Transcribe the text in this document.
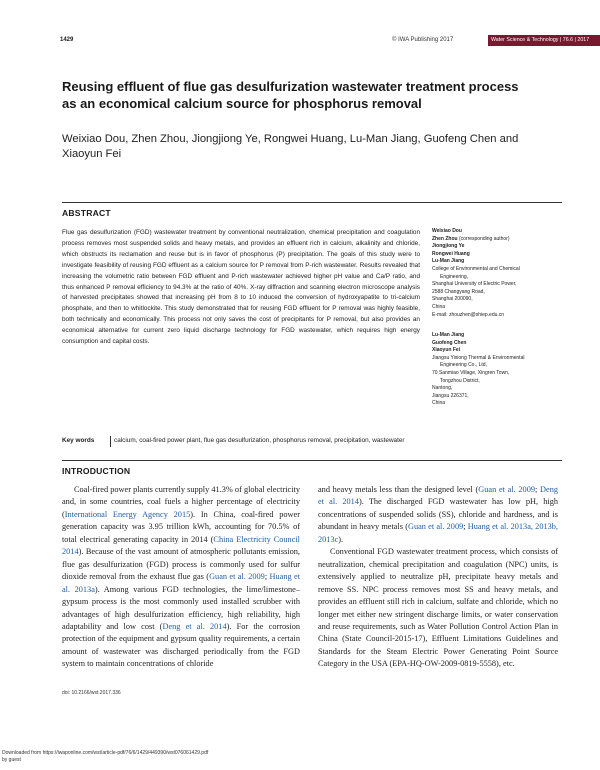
1429	© IWA Publishing 2017	Water Science & Technology | 76.6 | 2017
Reusing effluent of flue gas desulfurization wastewater treatment process as an economical calcium source for phosphorus removal
Weixiao Dou, Zhen Zhou, Jiongjiong Ye, Rongwei Huang, Lu-Man Jiang, Guofeng Chen and Xiaoyun Fei
ABSTRACT
Flue gas desulfurization (FGD) wastewater treatment by conventional neutralization, chemical precipitation and coagulation process removes most suspended solids and heavy metals, and provides an effluent rich in calcium, alkalinity and chloride, which obstructs its reclamation and reuse but is in favor of phosphorus (P) precipitation. The goals of this study were to investigate feasibility of reusing FGD effluent as a calcium source for P removal from P-rich wastewater. Results revealed that increasing the volumetric ratio between FGD effluent and P-rich wastewater achieved higher pH value and Ca/P ratio, and thus enhanced P removal efficiency to 94.3% at the ratio of 40%. X-ray diffraction and scanning electron microscope analysis of harvested precipitates showed that increasing pH from 8 to 10 induced the conversion of hydroxyapatite to tri-calcium phosphate, and then to whitlockite. This study demonstrated that for reusing FGD effluent for P removal was highly feasible, both technically and economically. This process not only saves the cost of precipitants for P removal, but also provides an economical alternative for current zero liquid discharge technology for FGD wastewater, which requires high energy consumption and capital costs.
Key words	calcium, coal-fired power plant, flue gas desulfurization, phosphorus removal, precipitation, wastewater
Weixiao Dou
Zhen Zhou (corresponding author)
Jiongjiong Ye
Rongwei Huang
Lu-Man Jiang
College of Environmental and Chemical
Engineering,
Shanghai University of Electric Power,
2588 Changyang Road,
Shanghai 200090,
China
E-mail: zhouzhen@shiep.edu.cn
Lu-Man Jiang
Guofeng Chen
Xiaoyun Fei
Jiangsu Yixiong Thermal & Environmental
Engineering Co., Ltd,
70 Sanmiao Village, Xingren Town,
Tongzhou District,
Nantong,
Jiangsu 226371,
China
INTRODUCTION
Coal-fired power plants currently supply 41.3% of global electricity and, in some countries, coal fuels a higher percentage of electricity (International Energy Agency 2015). In China, coal-fired power generation capacity was 3.95 trillion kWh, accounting for 70.5% of total electrical generating capacity in 2014 (China Electricity Council 2014). Because of the vast amount of atmospheric pollutants emission, flue gas desulfurization (FGD) process is commonly used for sulfur dioxide removal from the exhaust flue gas (Guan et al. 2009; Huang et al. 2013a). Among various FGD technologies, the lime/limestone–gypsum process is the most commonly used installed scrubber with advantages of high desulfurization efficiency, high reliability, high adaptability and low cost (Deng et al. 2014). For the corrosion protection of the equipment and gypsum quality requirements, a certain amount of wastewater was discharged periodically from the FGD system to maintain concentrations of chloride
and heavy metals less than the designed level (Guan et al. 2009; Deng et al. 2014). The discharged FGD wastewater has low pH, high concentrations of suspended solids (SS), chloride and hardness, and is abundant in heavy metals (Guan et al. 2009; Huang et al. 2013a, 2013b, 2013c).
Conventional FGD wastewater treatment process, which consists of neutralization, chemical precipitation and coagulation (NPC) units, is extensively applied to neutralize pH, precipitate heavy metals and remove SS. NPC process removes most SS and heavy metals, and provides an effluent still rich in calcium, sulfate and chloride, which no longer met either new stringent discharge limits, or water conservation and reuse requirements, such as Water Pollution Control Action Plan in China (State Council-2015-17), Effluent Limitations Guidelines and Standards for the Steam Electric Power Generating Point Source Category in the USA (EPA-HQ-OW-2009-0819-5558), etc.
doi: 10.2166/wst.2017.336
Downloaded from https://iwaponline.com/wst/article-pdf/76/6/1429/449390/wst076061429.pdf
by guest
